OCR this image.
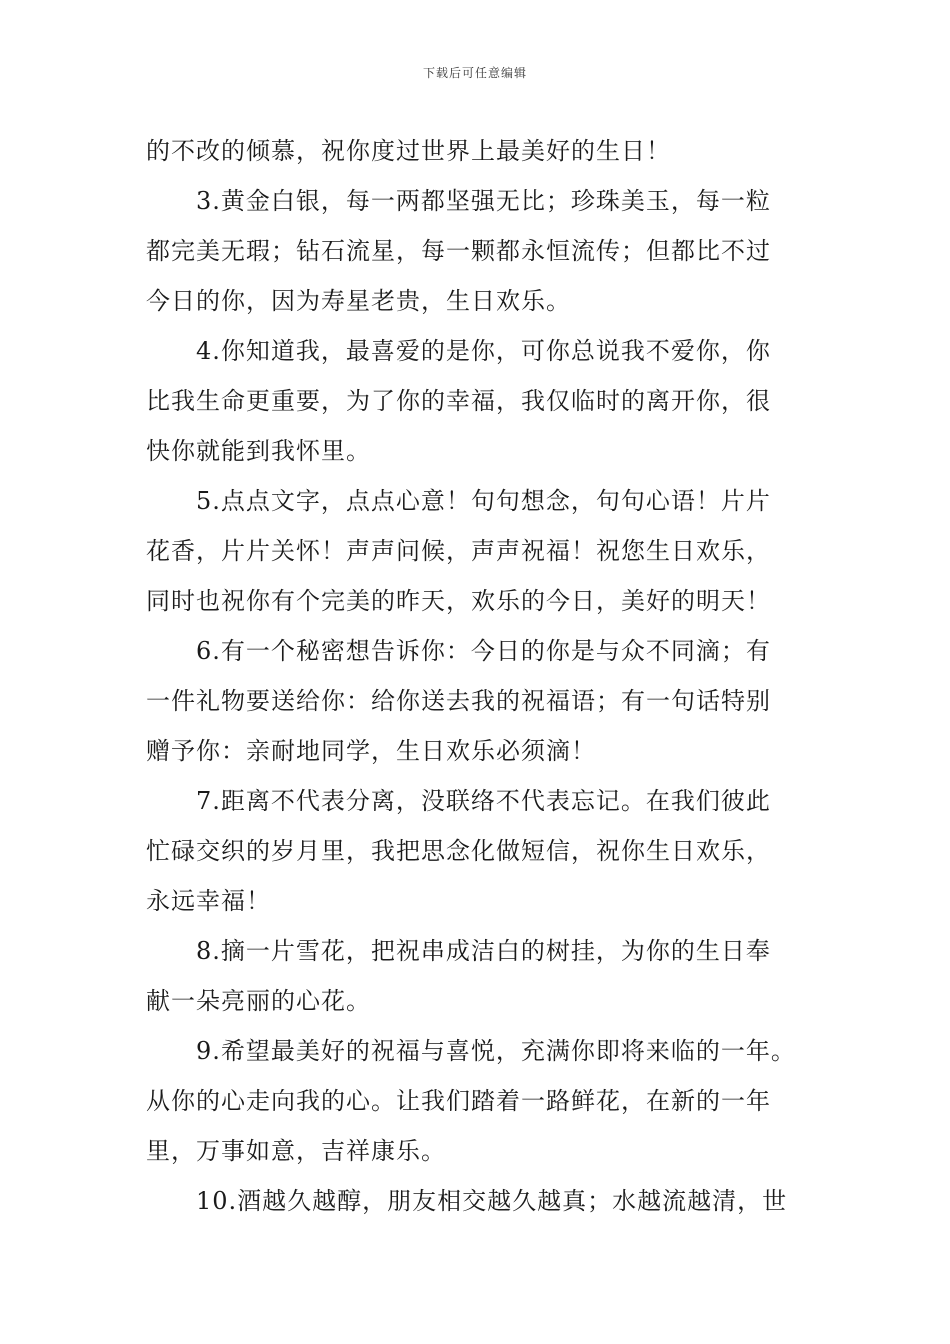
下载后可任意编辑
的不改的倾慕，祝你度过世界上最美好的生日！
3.黄金白银，每一两都坚强无比；珍珠美玉，每一粒
都完美无瑕；钻石流星，每一颗都永恒流传；但都比不过
今日的你，因为寿星老贵，生日欢乐。
4.你知道我，最喜爱的是你，可你总说我不爱你，你
比我生命更重要，为了你的幸福，我仅临时的离开你，很
快你就能到我怀里。
5.点点文字，点点心意！句句想念，句句心语！片片
花香，片片关怀！声声问候，声声祝福！祝您生日欢乐，
同时也祝你有个完美的昨天，欢乐的今日，美好的明天！
6.有一个秘密想告诉你：今日的你是与众不同滴；有
一件礼物要送给你：给你送去我的祝福语；有一句话特别
赠予你：亲耐地同学，生日欢乐必须滴！
7.距离不代表分离，没联络不代表忘记。在我们彼此
忙碌交织的岁月里，我把思念化做短信，祝你生日欢乐，
永远幸福！
8.摘一片雪花，把祝串成洁白的树挂，为你的生日奉
献一朵亮丽的心花。
9.希望最美好的祝福与喜悦，充满你即将来临的一年。
从你的心走向我的心。让我们踏着一路鲜花，在新的一年
里，万事如意，吉祥康乐。
10.酒越久越醇，朋友相交越久越真；水越流越清，世
